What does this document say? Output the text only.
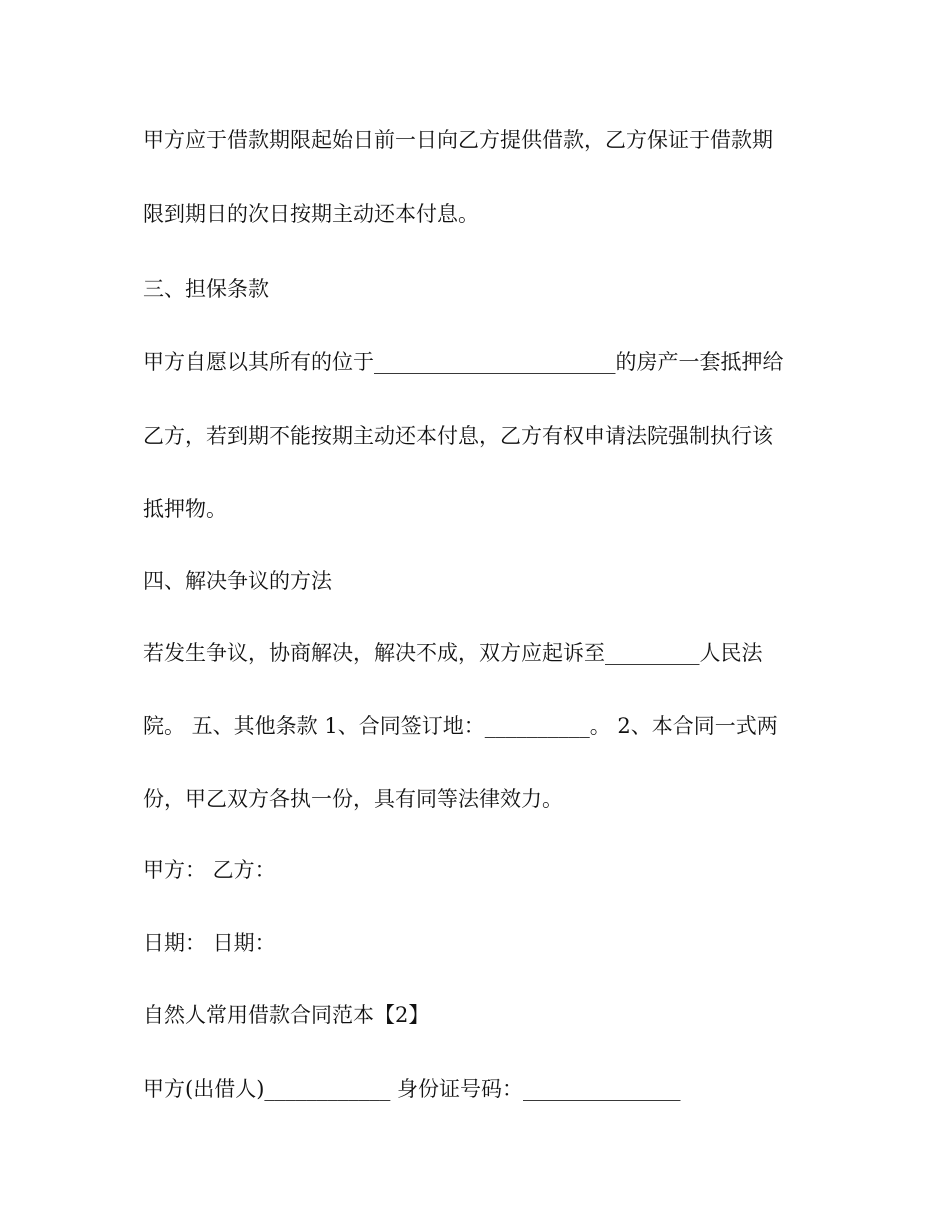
甲方应于借款期限起始日前一日向乙方提供借款，乙方保证于借款期
限到期日的次日按期主动还本付息。
三、担保条款
甲方自愿以其所有的位于_______________________的房产一套抵押给
乙方，若到期不能按期主动还本付息，乙方有权申请法院强制执行该
抵押物。
四、解决争议的方法
若发生争议，协商解决，解决不成，双方应起诉至_________人民法
院。 五、其他条款 1、合同签订地：__________。 2、本合同一式两
份，甲乙双方各执一份，具有同等法律效力。
甲方： 乙方：
日期： 日期：
自然人常用借款合同范本【2】
甲方(出借人)____________ 身份证号码：_______________
